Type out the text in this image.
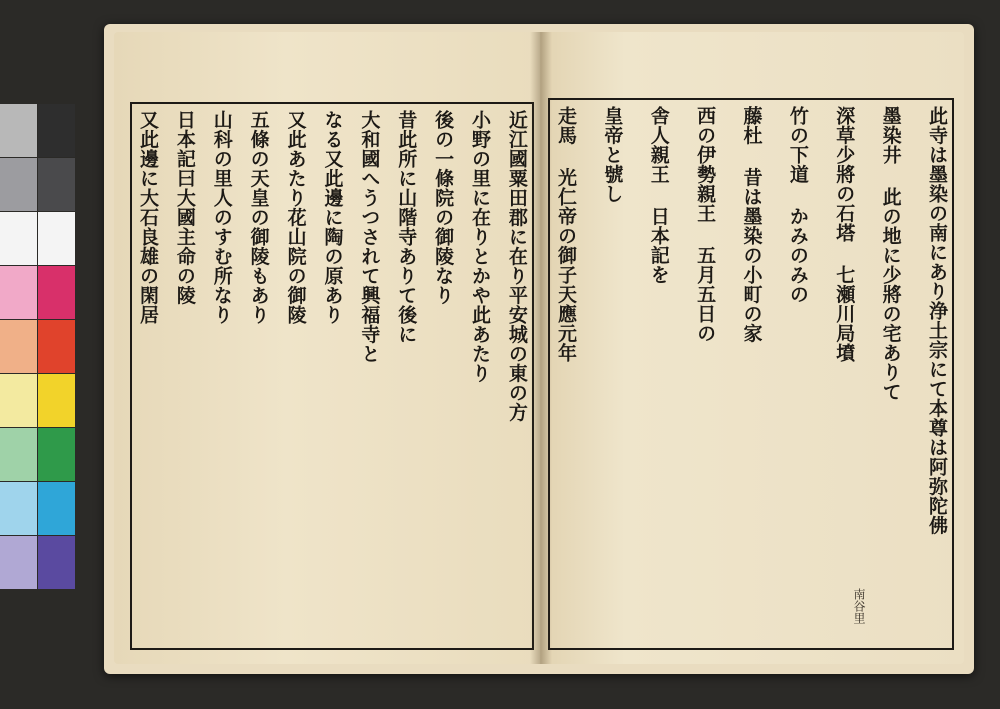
近江國粟田郡に在り平安城の東の方
小野の里に在りとかや此あたり
後の一條院の御陵なり
昔此所に山階寺ありて後に
大和國へうつされて興福寺と
なる又此邊に陶の原あり
又此あたり花山院の御陵
五條の天皇の御陵もあり
山科の里人のすむ所なり
日本記曰大國主命の陵
又此邊に大石良雄の閑居	此寺は墨染の南にあり浄土宗にて本尊は阿弥陀佛
墨染井 此の地に少將の宅ありて
深草少將の石塔 七瀬川局墳
竹の下道 かみのみの
藤杜 昔は墨染の小町の家
西の伊勢親王 五月五日の
舎人親王 日本記を
皇帝と號し
走馬 光仁帝の御子天應元年
南谷里
